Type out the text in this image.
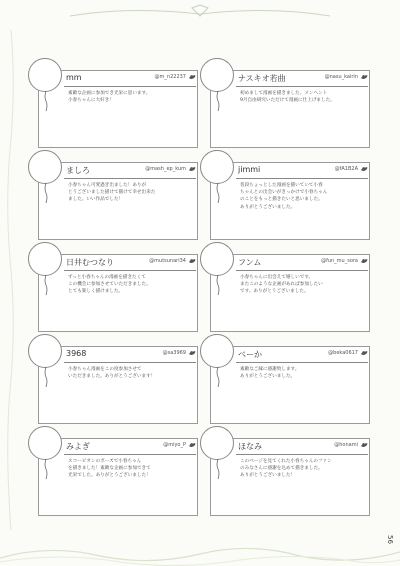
mm	@m_n22237
素敵な企画に参加でき光栄に思います。
小春ちゃんに大好き！
ましろ	@mash_ep_kum
小春ちゃん可愛過ぎ出ました！ありが
とうございました描けて描けて幸せ出来た
ました。いい作品でした！
日井むつなり	@mutsunari34
ずっと小春ちゃんの漫画を描きたくて
この機会に参加させていただきました。
とても楽しく描けました。
3968	@sa3969
小春ちゃん漫画をこの度参加させて
いただきました。ありがとうございます！
みよぎ	@miyo_P
スコーピオンのポーズで小春ちゃん
を描きました！素敵な企画に参加できて
光栄でした。ありがとうございました！
ナスキオ若曲	@nasu_kairin
初めまして漫画を描きました。メンヘント
9月自由研究いただけて漫画に仕上げました。
jimmi	@fA1B2A
普段ちょっとした漫画を描いていて小春
ちゃんとの出会いがきっかけで小春ちゃん
のことをもっと描きたいと思いました。
ありがとうございました。
フンム	@fun_mu_sora
小春ちゃんに出会えて嬉しいです。
またこのような企画があれば参加したい
です。ありがとうございました。
べーか	@beka0617
素敵なご縁に感謝致します。
ありがとうございました。
ほなみ	@honami
このページを見てくれた小春ちゃんのファン
のみなさんに感謝を込めて描きました。
ありがとうございました！
56
